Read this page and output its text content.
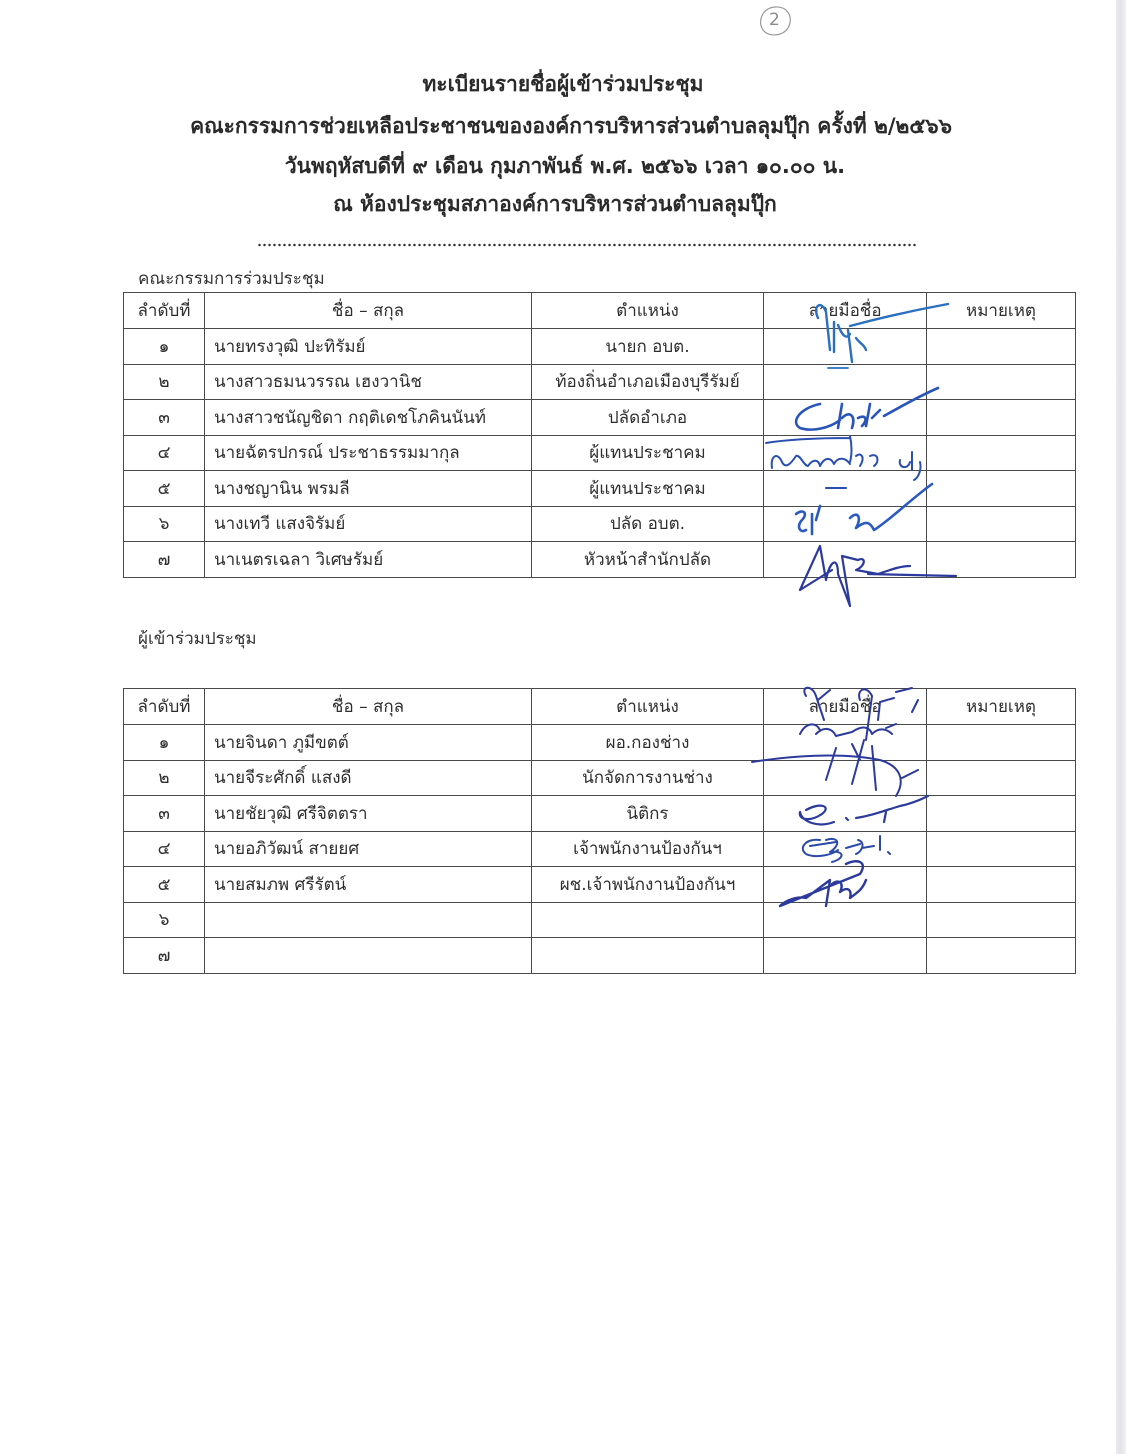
2
ทะเบียนรายชื่อผู้เข้าร่วมประชุม
คณะกรรมการช่วยเหลือประชาชนขององค์การบริหารส่วนตำบลลุมปุ๊ก ครั้งที่ ๒/๒๕๖๖
วันพฤหัสบดีที่ ๙ เดือน กุมภาพันธ์ พ.ศ. ๒๕๖๖ เวลา ๑๐.๐๐ น.
ณ ห้องประชุมสภาองค์การบริหารส่วนตำบลลุมปุ๊ก
คณะกรรมการร่วมประชุม
ลำดับที่	ชื่อ – สกุล	ตำแหน่ง	ลายมือชื่อ	หมายเหตุ
๑	นายทรงวุฒิ ปะทิรัมย์	นายก อบต.		
๒	นางสาวธมนวรรณ เฮงวานิช	ท้องถิ่นอำเภอเมืองบุรีรัมย์		
๓	นางสาวชนัญชิดา กฤติเดชโภคินนันท์	ปลัดอำเภอ		
๔	นายฉัตรปกรณ์ ประชาธรรมมากุล	ผู้แทนประชาคม		
๕	นางชญานิน พรมลี	ผู้แทนประชาคม		
๖	นางเทวี แสงจิรัมย์	ปลัด อบต.		
๗	นาเนตรเฉลา วิเศษรัมย์	หัวหน้าสำนักปลัด		
ผู้เข้าร่วมประชุม
ลำดับที่	ชื่อ – สกุล	ตำแหน่ง	ลายมือชื่อ	หมายเหตุ
๑	นายจินดา ภูมีขตต์	ผอ.กองช่าง		
๒	นายจีระศักดิ์ แสงดี	นักจัดการงานช่าง		
๓	นายชัยวุฒิ ศรีจิตตรา	นิติกร		
๔	นายอภิวัฒน์ สายยศ	เจ้าพนักงานป้องกันฯ		
๕	นายสมภพ ศรีรัตน์	ผช.เจ้าพนักงานป้องกันฯ		
๖				
๗				
